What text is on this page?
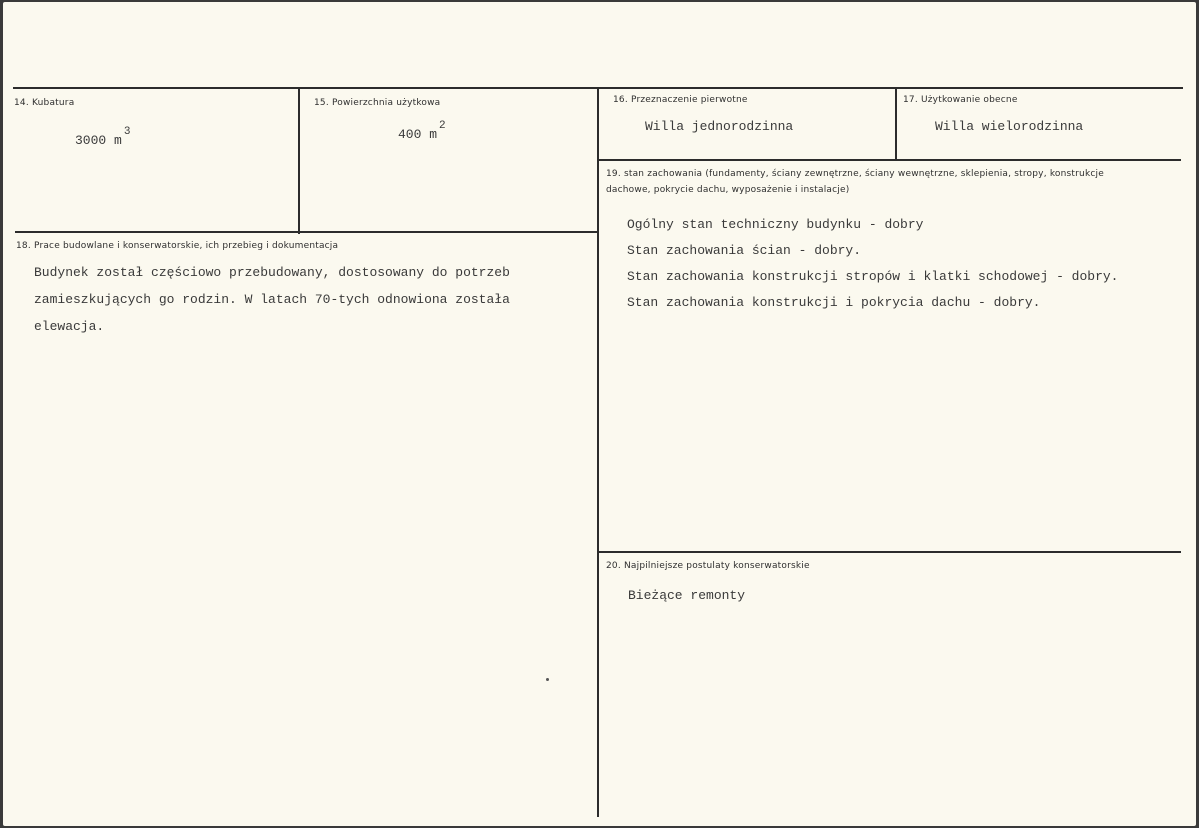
14. Kubatura
3000 $m^3$
15. Powierzchnia użytkowa
400 $m^2$
16. Przeznaczenie pierwotne
Willa jednorodzinna
17. Użytkowanie obecne
Willa wielorodzinna
18. Prace budowlane i konserwatorskie, ich przebieg i dokumentacja
Budynek został częściowo przebudowany, dostosowany do potrzeb zamieszkujących go rodzin. W latach 70-tych odnowiona została elewacja.
19. stan zachowania (fundamenty, ściany zewnętrzne, ściany wewnętrzne, sklepienia, stropy, konstrukcje dachowe, pokrycie dachu, wyposażenie i instalacje)
Ogólny stan techniczny budynku - dobry
Stan zachowania ścian - dobry.
Stan zachowania konstrukcji stropów i klatki schodowej - dobry.
Stan zachowania konstrukcji i pokrycia dachu - dobry.
20. Najpilniejsze postulaty konserwatorskie
Bieżące remonty
